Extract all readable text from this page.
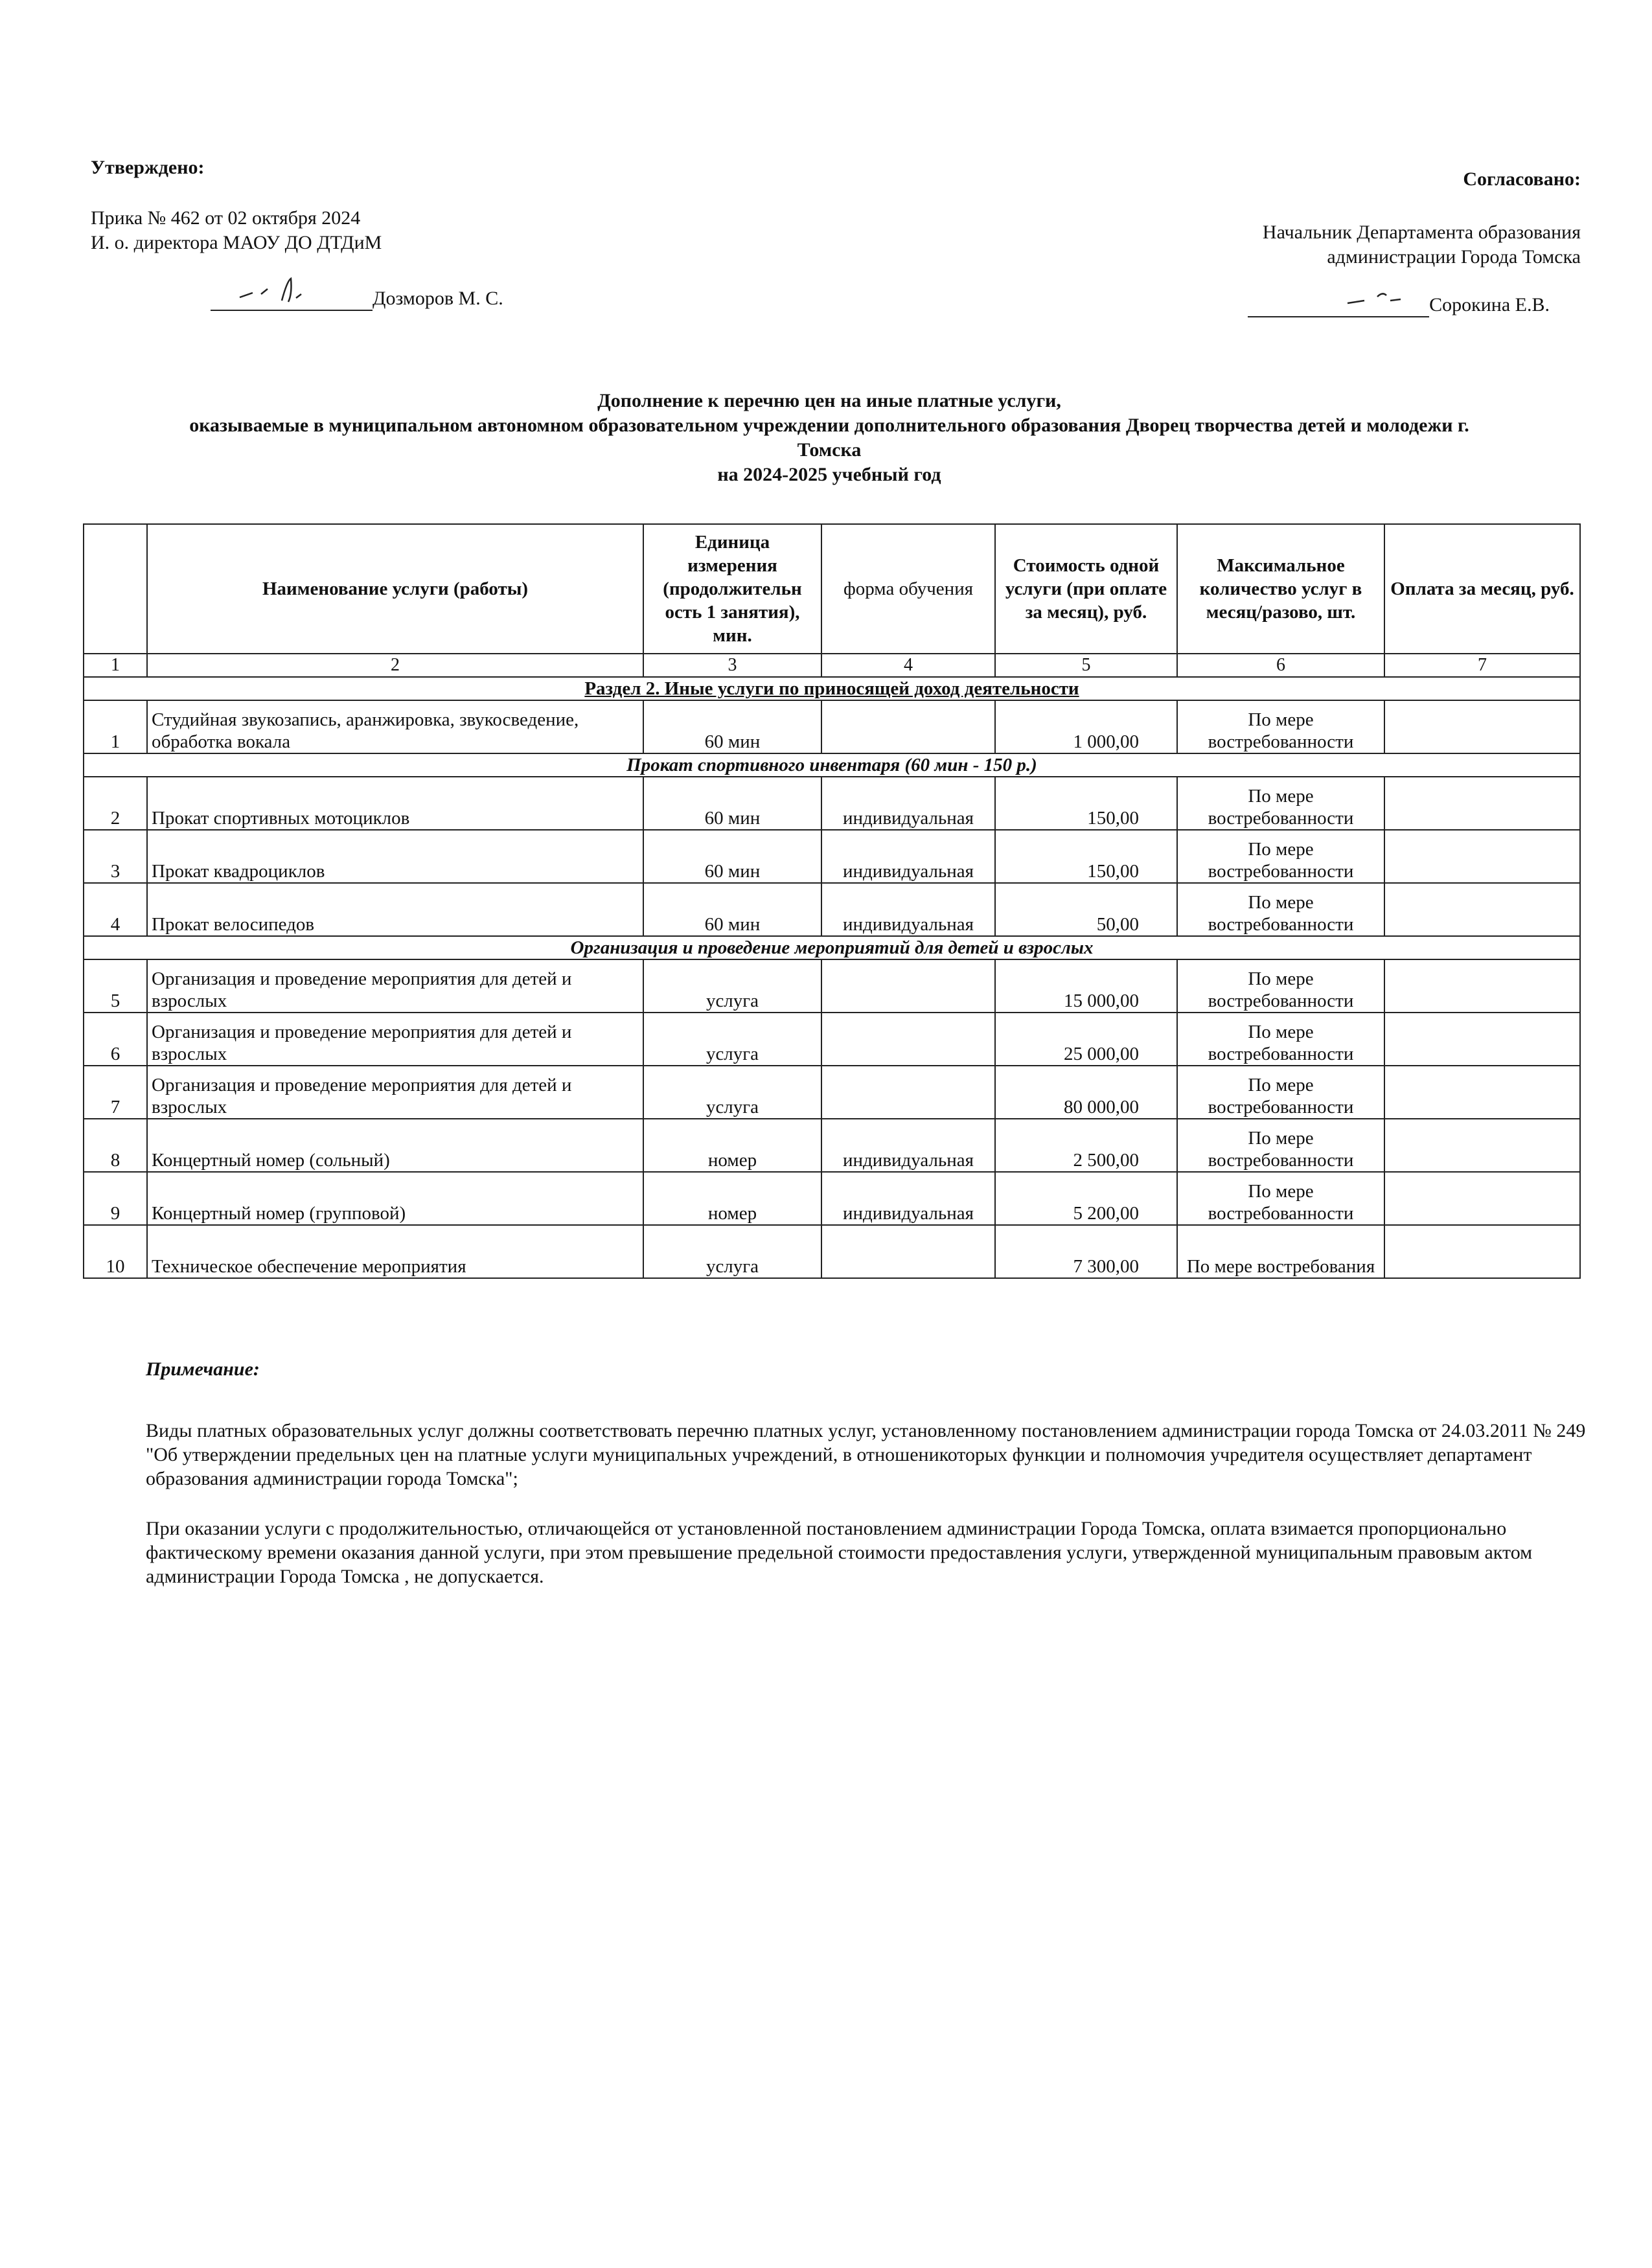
Утверждено:
Прика № 462 от 02 октября 2024
И. о. директора МАОУ ДО ДТДиМ
Дозморов М. С.
Согласовано:
Начальник Департамента образования
администрации Города Томска
Сорокина Е.В.
Дополнение к перечню цен на иные платные услуги,
оказываемые в муниципальном автономном образовательном учреждении дополнительного образования Дворец творчества детей и молодежи г.
Томска
на 2024-2025 учебный год
	Наименование услуги (работы)	Единица измерения (продолжительн ость 1 занятия), мин.	форма обучения	Стоимость одной услуги (при оплате за месяц), руб.	Максимальное количество услуг в месяц/разово, шт.	Оплата за месяц, руб.
1	2	3	4	5	6	7
Раздел 2. Иные услуги по приносящей доход деятельности						
1	Студийная звукозапись, аранжировка, звукосведение, обработка вокала	60 мин		1 000,00	По мере востребованности	
Прокат спортивного инвентаря (60 мин - 150 р.)						
2	Прокат спортивных мотоциклов	60 мин	индивидуальная	150,00	По мере востребованности	
3	Прокат квадроциклов	60 мин	индивидуальная	150,00	По мере востребованности	
4	Прокат велосипедов	60 мин	индивидуальная	50,00	По мере востребованности	
Организация и проведение мероприятий для детей и взрослых						
5	Организация и проведение мероприятия для детей и взрослых	услуга		15 000,00	По мере востребованности	
6	Организация и проведение мероприятия для детей и взрослых	услуга		25 000,00	По мере востребованности	
7	Организация и проведение мероприятия для детей и взрослых	услуга		80 000,00	По мере востребованности	
8	Концертный номер (сольный)	номер	индивидуальная	2 500,00	По мере востребованности	
9	Концертный номер (групповой)	номер	индивидуальная	5 200,00	По мере востребованности	
10	Техническое обеспечение мероприятия	услуга		7 300,00	По мере востребования	

Примечание:

Виды платных образовательных услуг должны соответствовать перечню платных услуг, установленному постановлением администрации города Томска от 24.03.2011 № 249 "Об утверждении предельных цен на платные услуги муниципальных учреждений, в отношеникоторых функции и полномочия учредителя осуществляет департамент образования администрации города Томска";

При оказании услуги с продолжительностью, отличающейся от установленной постановлением администрации Города Томска, оплата взимается пропорционально фактическому времени оказания данной услуги, при этом превышение предельной стоимости предоставления услуги, утвержденной муниципальным правовым актом администрации Города Томска , не допускается.
